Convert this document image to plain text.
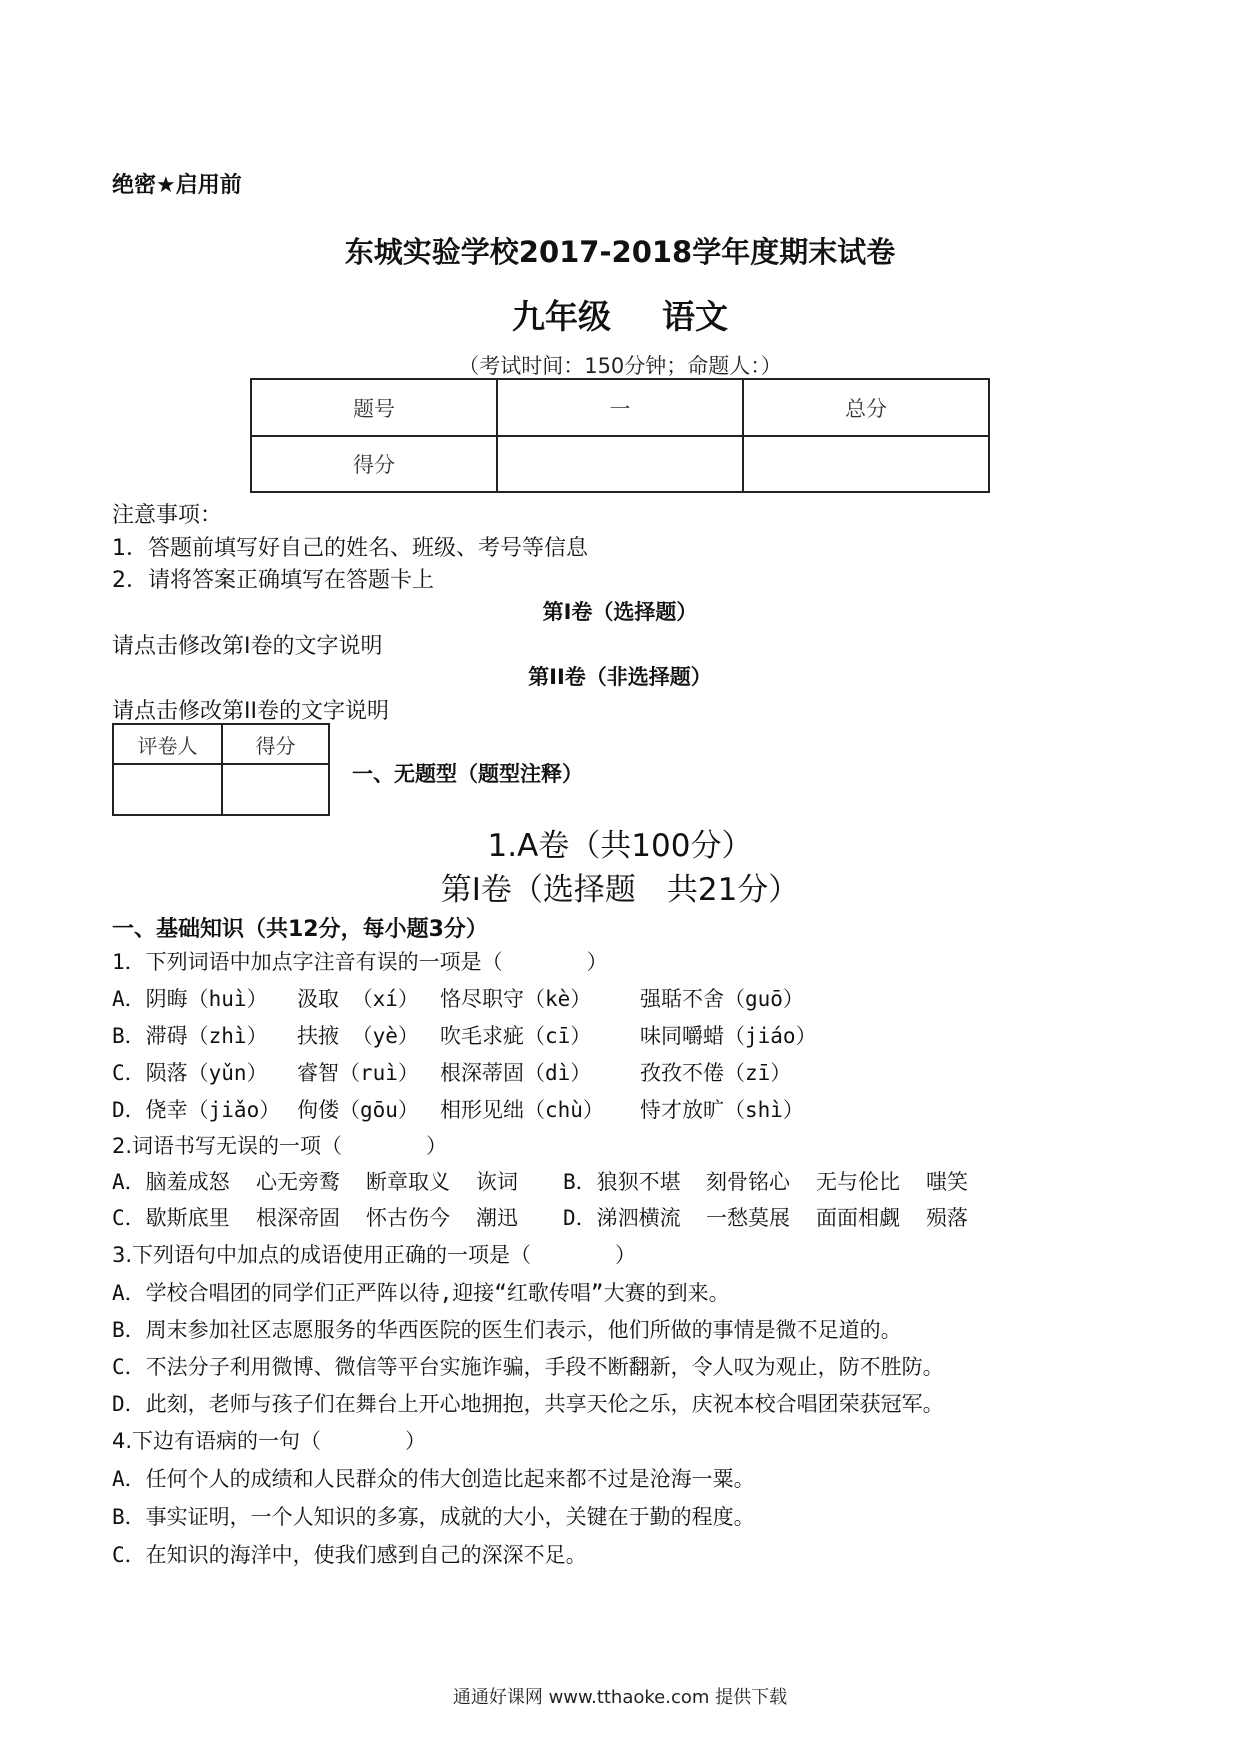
绝密★启用前
东城实验学校2017-2018学年度期末试卷
九年级 语文
（考试时间：150分钟；命题人：）
题号	一	总分
得分		
注意事项：
1．答题前填写好自己的姓名、班级、考号等信息
2．请将答案正确填写在答题卡上
第I卷（选择题）
请点击修改第I卷的文字说明
第II卷（非选择题）
请点击修改第II卷的文字说明
评卷人	得分

一、无题型（题型注释）
1.A卷（共100分）
第I卷（选择题　共21分）
一、基础知识（共12分，每小题3分）
1．下列词语中加点字注音有误的一项是（　　　　）
A．阴晦（huì） 汲取 （xí） 恪尽职守（kè） 强聒不舍（guō）
B．滞碍（zhì） 扶掖 （yè） 吹毛求疵（cī） 味同嚼蜡（jiáo）
C．陨落（yǔn） 睿智（ruì） 根深蒂固（dì） 孜孜不倦（zī）
D．侥幸（jiǎo） 佝偻（gōu） 相形见绌（chù） 恃才放旷（shì）
2.词语书写无误的一项（　　　　）
A．脑羞成怒 心无旁鹜 断章取义 诙词 B．狼狈不堪 刻骨铭心 无与伦比 嗤笑
C．歇斯底里 根深帝固 怀古伤今 潮迅 D．涕泗横流 一愁莫展 面面相觑 殒落
3.下列语句中加点的成语使用正确的一项是（　　　　）
A．学校合唱团的同学们正严阵以待,迎接“红歌传唱”大赛的到来。
B．周末参加社区志愿服务的华西医院的医生们表示，他们所做的事情是微不足道的。
C．不法分子利用微博、微信等平台实施诈骗，手段不断翻新，令人叹为观止，防不胜防。
D．此刻，老师与孩子们在舞台上开心地拥抱，共享天伦之乐，庆祝本校合唱团荣获冠军。
4.下边有语病的一句（　　　　）
A．任何个人的成绩和人民群众的伟大创造比起来都不过是沧海一粟。
B．事实证明，一个人知识的多寡，成就的大小，关键在于勤的程度。
C．在知识的海洋中，使我们感到自己的深深不足。
通通好课网 www.tthaoke.com 提供下载
